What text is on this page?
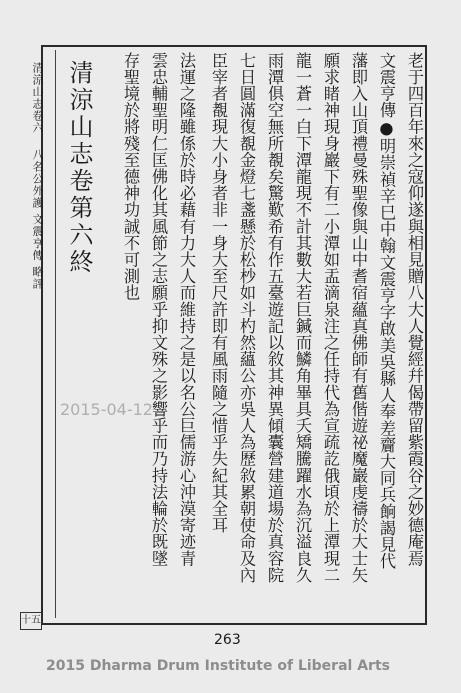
清涼山志卷六 八名公外護 文震亨傳 略評
十五
老于四百年來之寇仰遂與相見贈八大人覺經幷偈帶留紫霞谷之妙德庵焉
文震亨傳●明崇禎辛巳中翰文震亨字啟美吳縣人奉差齎大同兵餉謁見代
藩即入山頂禮曼殊聖像與山中耆宿蘊真佛師有舊偕遊祕魔巖虔禱於大士矢
願求睹神現身巖下有二小潭如盂滴泉注之任持代為宣疏訖俄頃於上潭現二
龍一蒼一白下潭龍現不計其數大若巨鍼而鱗角畢具夭矯騰躍水為沉溢良久
雨潭俱空無所覩矣驚歎希有作五臺遊記以敘其神異傾囊營建道場於真容院
七日圓滿復覩金燈七盞懸於松杪如斗杓然蘊公亦吳人為歷敘累朝使命及內
臣宰者覩現大小身者非一身大至尺許即有風雨隨之惜乎失紀其全耳
法運之隆雖係於時必藉有力大人而維持之是以名公巨儒游心沖漠寄迹青
雲忠輔聖明仁匡佛化其風節之志願乎抑文殊之影響乎而乃持法輪於既墜
存聖境於將殘至德神功誠不可測也
清涼山志卷第六終
263
2015-04-12
2015 Dharma Drum Institute of Liberal Arts
